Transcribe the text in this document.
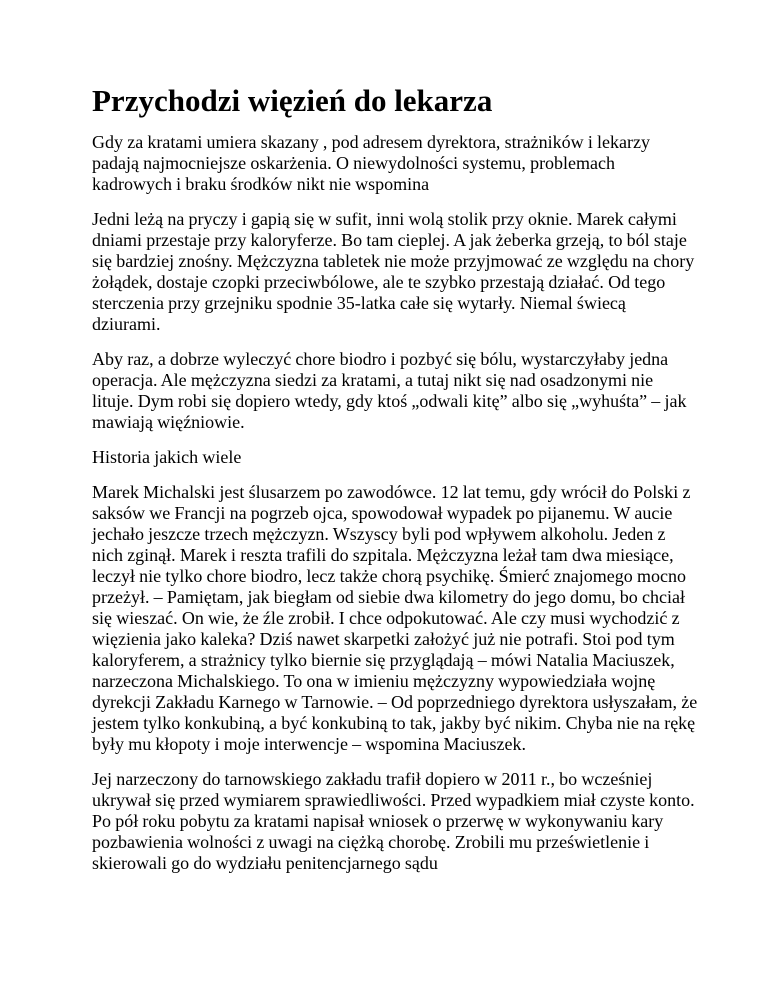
Przychodzi więzień do lekarza

Gdy za kratami umiera skazany , pod adresem dyrektora, strażników i lekarzy padają najmocniejsze oskarżenia. O niewydolności systemu, problemach kadrowych i braku środków nikt nie wspomina

Jedni leżą na pryczy i gapią się w sufit, inni wolą stolik przy oknie. Marek całymi dniami przestaje przy kaloryferze. Bo tam cieplej. A jak żeberka grzeją, to ból staje się bardziej znośny. Mężczyzna tabletek nie może przyjmować ze względu na chory żołądek, dostaje czopki przeciwbólowe, ale te szybko przestają działać. Od tego sterczenia przy grzejniku spodnie 35-latka całe się wytarły. Niemal świecą dziurami.

Aby raz, a dobrze wyleczyć chore biodro i pozbyć się bólu, wystarczyłaby jedna operacja. Ale mężczyzna siedzi za kratami, a tutaj nikt się nad osadzonymi nie lituje. Dym robi się dopiero wtedy, gdy ktoś „odwali kitę” albo się „wyhuśta” – jak mawiają więźniowie.

Historia jakich wiele

Marek Michalski jest ślusarzem po zawodówce. 12 lat temu, gdy wrócił do Polski z saksów we Francji na pogrzeb ojca, spowodował wypadek po pijanemu. W aucie jechało jeszcze trzech mężczyzn. Wszyscy byli pod wpływem alkoholu. Jeden z nich zginął. Marek i reszta trafili do szpitala. Mężczyzna leżał tam dwa miesiące, leczył nie tylko chore biodro, lecz także chorą psychikę. Śmierć znajomego mocno przeżył. – Pamiętam, jak biegłam od siebie dwa kilometry do jego domu, bo chciał się wieszać. On wie, że źle zrobił. I chce odpokutować. Ale czy musi wychodzić z więzienia jako kaleka? Dziś nawet skarpetki założyć już nie potrafi. Stoi pod tym kaloryferem, a strażnicy tylko biernie się przyglądają – mówi Natalia Maciuszek, narzeczona Michalskiego. To ona w imieniu mężczyzny wypowiedziała wojnę dyrekcji Zakładu Karnego w Tarnowie. – Od poprzedniego dyrektora usłyszałam, że jestem tylko konkubiną, a być konkubiną to tak, jakby być nikim. Chyba nie na rękę były mu kłopoty i moje interwencje – wspomina Maciuszek.

Jej narzeczony do tarnowskiego zakładu trafił dopiero w 2011 r., bo wcześniej ukrywał się przed wymiarem sprawiedliwości. Przed wypadkiem miał czyste konto. Po pół roku pobytu za kratami napisał wniosek o przerwę w wykonywaniu kary pozbawienia wolności z uwagi na ciężką chorobę. Zrobili mu prześwietlenie i skierowali go do wydziału penitencjarnego sądu
